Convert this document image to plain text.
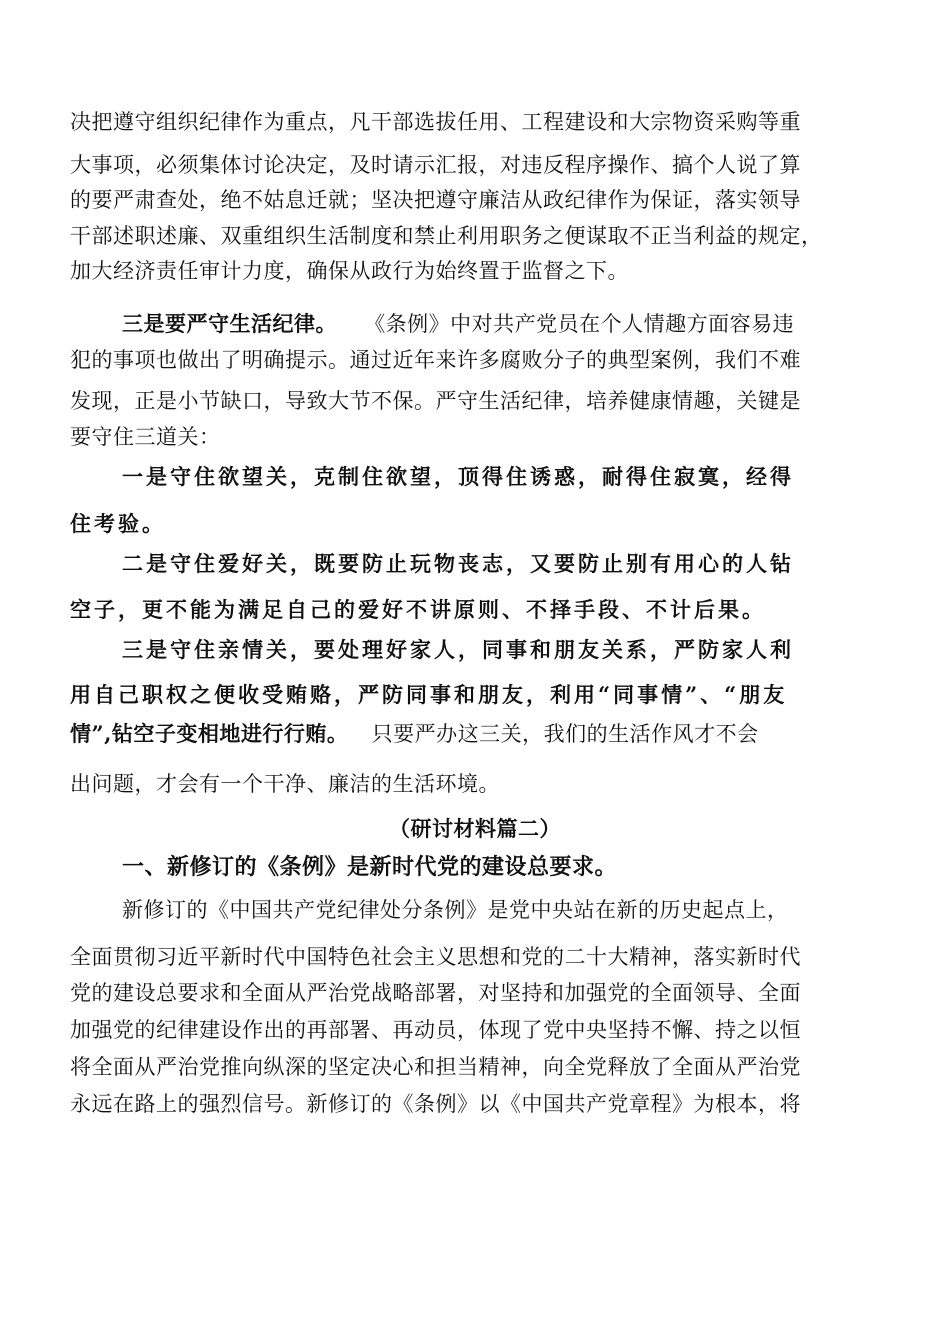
决把遵守组织纪律作为重点，凡干部选拔任用、工程建设和大宗物资采购等重
大事项，必须集体讨论决定，及时请示汇报，对违反程序操作、搞个人说了算
的要严肃查处，绝不姑息迁就；坚决把遵守廉洁从政纪律作为保证，落实领导
干部述职述廉、双重组织生活制度和禁止利用职务之便谋取不正当利益的规定，
加大经济责任审计力度，确保从政行为始终置于监督之下。
三是要严守生活纪律。 《条例》中对共产党员在个人情趣方面容易违
犯的事项也做出了明确提示。通过近年来许多腐败分子的典型案例，我们不难
发现，正是小节缺口，导致大节不保。严守生活纪律，培养健康情趣，关键是
要守住三道关：
一是守住欲望关，克制住欲望，顶得住诱惑，耐得住寂寞，经得
住考验。
二是守住爱好关，既要防止玩物丧志，又要防止别有用心的人钻
空子，更不能为满足自己的爱好不讲原则、不择手段、不计后果。
三是守住亲情关，要处理好家人，同事和朋友关系，严防家人利
用自己职权之便收受贿赂，严防同事和朋友，利用“同事情”、“朋友
情”,钻空子变相地进行行贿。 只要严办这三关，我们的生活作风才不会
出问题，才会有一个干净、廉洁的生活环境。
（研讨材料篇二）
一、新修订的《条例》是新时代党的建设总要求。
新修订的《中国共产党纪律处分条例》是党中央站在新的历史起点上，
全面贯彻习近平新时代中国特色社会主义思想和党的二十大精神，落实新时代
党的建设总要求和全面从严治党战略部署，对坚持和加强党的全面领导、全面
加强党的纪律建设作出的再部署、再动员，体现了党中央坚持不懈、持之以恒
将全面从严治党推向纵深的坚定决心和担当精神，向全党释放了全面从严治党
永远在路上的强烈信号。新修订的《条例》以《中国共产党章程》为根本，将
